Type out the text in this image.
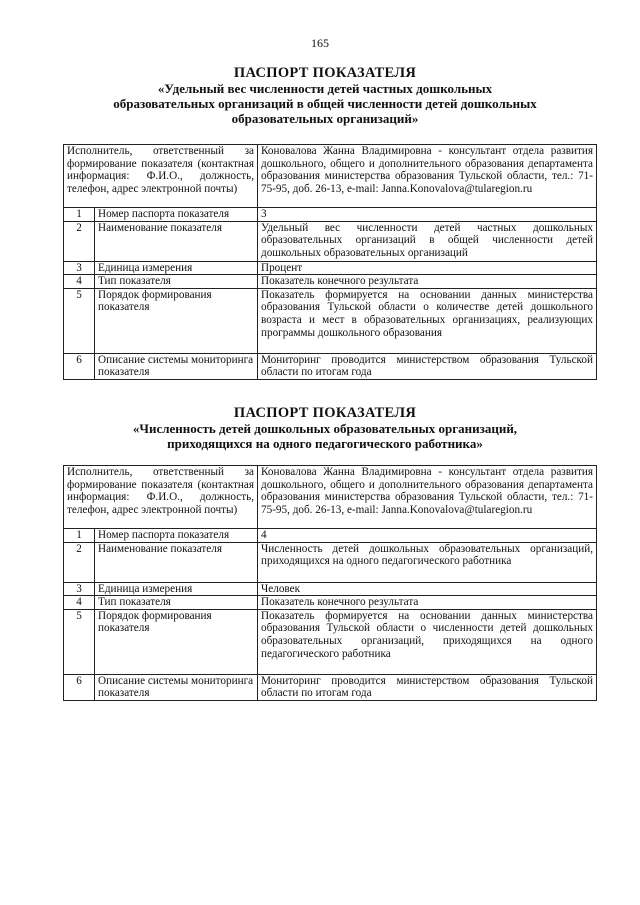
165
ПАСПОРТ ПОКАЗАТЕЛЯ
«Удельный вес численности детей частных дошкольных
образовательных организаций в общей численности детей дошкольных
образовательных организаций»
Исполнитель, ответственный за формирование показателя (контактная информация: Ф.И.О., должность, телефон, адрес электронной почты)		Коновалова Жанна Владимировна - консультант отдела развития дошкольного, общего и дополнительного образования департамента образования министерства образования Тульской области, тел.: 71-75-95, доб. 26-13, e-mail: Janna.Konovalova@tularegion.ru
1	Номер паспорта показателя	3
2	Наименование показателя	Удельный вес численности детей частных дошкольных образовательных организаций в общей численности детей дошкольных образовательных организаций
3	Единица измерения	Процент
4	Тип показателя	Показатель конечного результата
5	Порядок формирования показателя	Показатель формируется на основании данных министерства образования Тульской области о количестве детей дошкольного возраста и мест в образовательных организациях, реализующих программы дошкольного образования
6	Описание системы мониторинга показателя	Мониторинг проводится министерством образования Тульской области по итогам года
ПАСПОРТ ПОКАЗАТЕЛЯ
«Численность детей дошкольных образовательных организаций,
приходящихся на одного педагогического работника»
Исполнитель, ответственный за формирование показателя (контактная информация: Ф.И.О., должность, телефон, адрес электронной почты)		Коновалова Жанна Владимировна - консультант отдела развития дошкольного, общего и дополнительного образования департамента образования министерства образования Тульской области, тел.: 71-75-95, доб. 26-13, e-mail: Janna.Konovalova@tularegion.ru
1	Номер паспорта показателя	4
2	Наименование показателя	Численность детей дошкольных образовательных организаций, приходящихся на одного педагогического работника
3	Единица измерения	Человек
4	Тип показателя	Показатель конечного результата
5	Порядок формирования показателя	Показатель формируется на основании данных министерства образования Тульской области о численности детей дошкольных образовательных организаций, приходящихся на одного педагогического работника
6	Описание системы мониторинга показателя	Мониторинг проводится министерством образования Тульской области по итогам года
